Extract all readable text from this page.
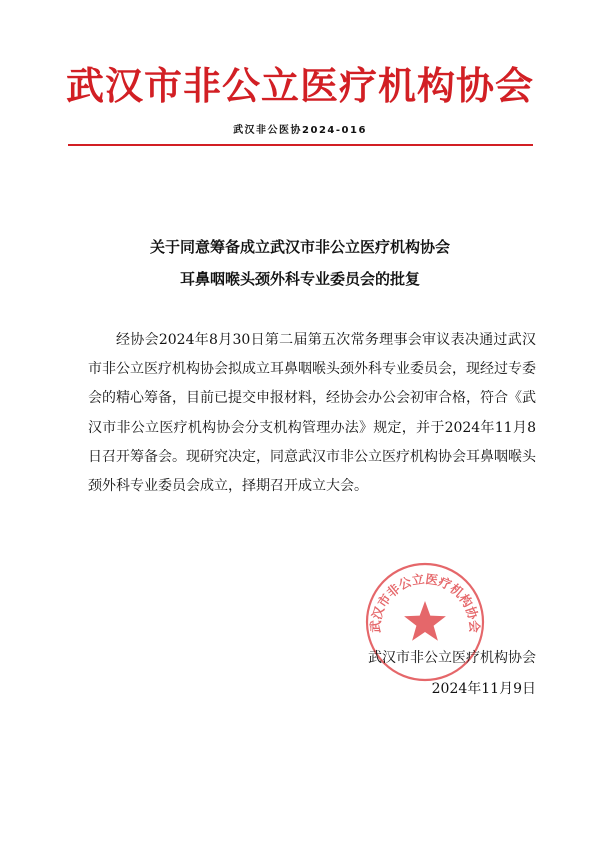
武汉市非公立医疗机构协会
武汉非公医协2024-016
关于同意筹备成立武汉市非公立医疗机构协会
耳鼻咽喉头颈外科专业委员会的批复
经协会2024年8月30日第二届第五次常务理事会审议表决通过武汉市非公立医疗机构协会拟成立耳鼻咽喉头颈外科专业委员会，现经过专委会的精心筹备，目前已提交申报材料，经协会办公会初审合格，符合《武汉市非公立医疗机构协会分支机构管理办法》规定，并于2024年11月8日召开筹备会。现研究决定，同意武汉市非公立医疗机构协会耳鼻咽喉头颈外科专业委员会成立，择期召开成立大会。
武汉市非公立医疗机构协会
武汉市非公立医疗机构协会
2024年11月9日
